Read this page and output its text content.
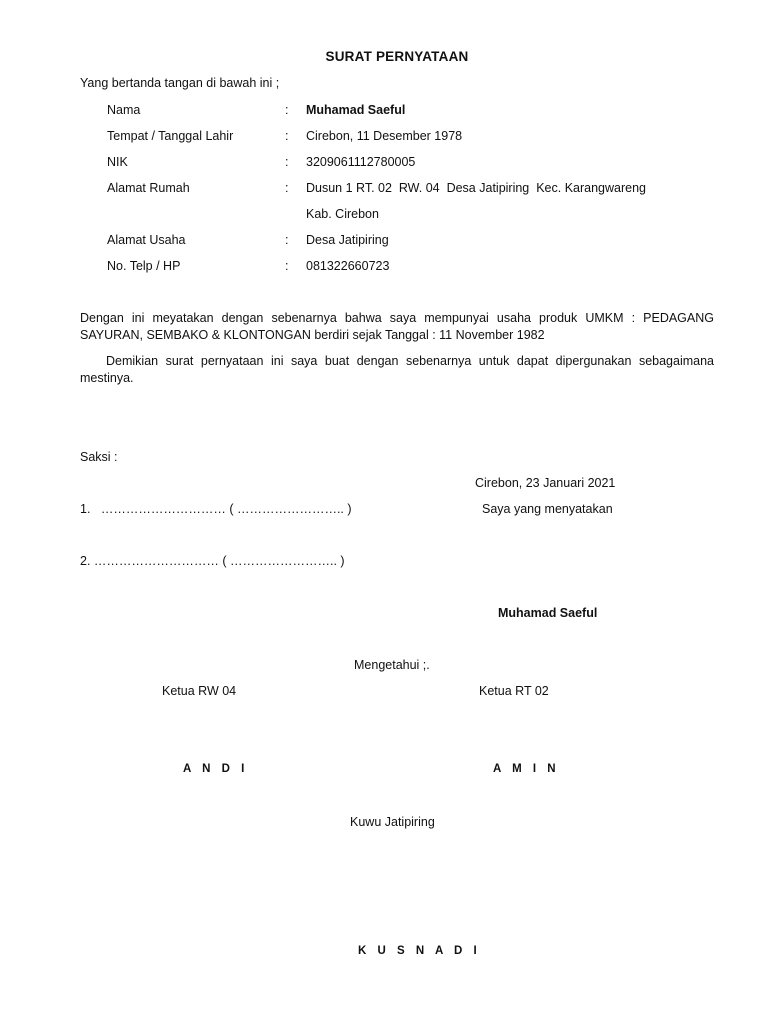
SURAT PERNYATAAN
Yang bertanda tangan di bawah ini ;
Nama	: Muhamad Saeful
Tempat / Tanggal Lahir	: Cirebon, 11 Desember 1978
NIK	: 3209061112780005
Alamat Rumah	: Dusun 1 RT. 02  RW. 04  Desa Jatipiring  Kec. Karangwareng
Kab. Cirebon
Alamat Usaha	: Desa Jatipiring
No. Telp / HP	: 081322660723
Dengan ini meyatakan dengan sebenarnya bahwa saya mempunyai usaha produk UMKM : PEDAGANG SAYURAN, SEMBAKO & KLONTONGAN berdiri sejak Tanggal : 11 November 1982
Demikian surat pernyataan ini saya buat dengan sebenarnya untuk dapat dipergunakan sebagaimana mestinya.
Saksi :
1.   ………………………… ( …………………….. )
2. ………………………… ( …………………….. )
Cirebon, 23 Januari 2021
Saya yang menyatakan
Muhamad Saeful
Mengetahui ;.
Ketua RW 04	Ketua RT 02
A N D I	A M I N
Kuwu Jatipiring
K U S N A D I
